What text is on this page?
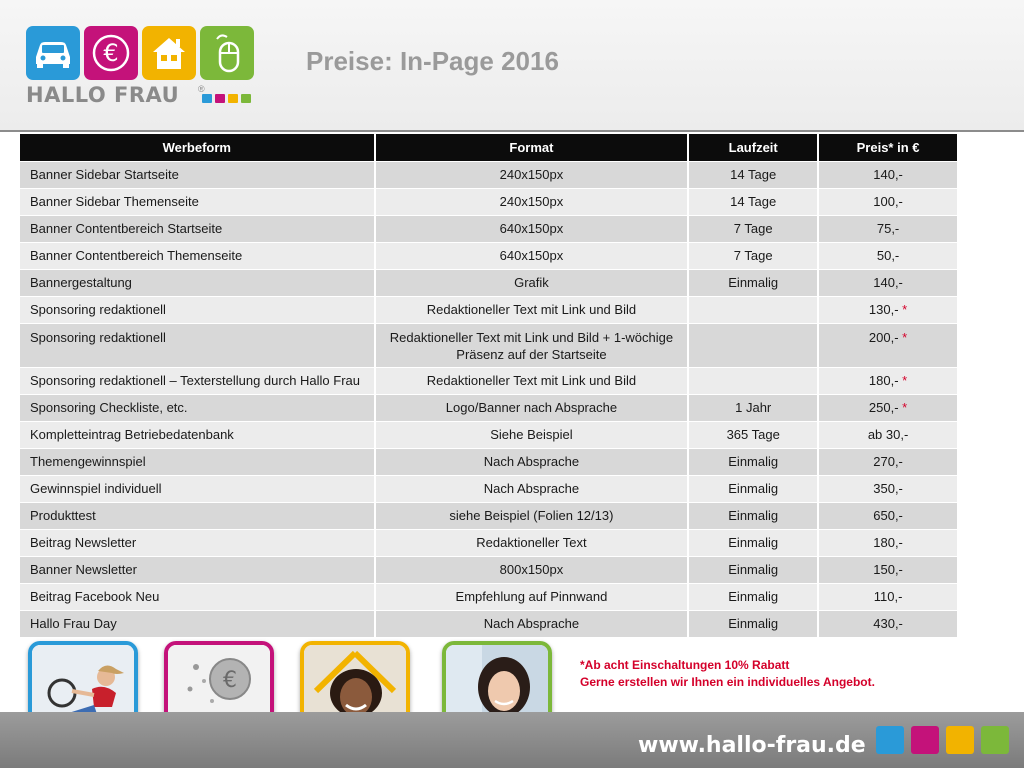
€
HALLO FRAU ®
Preise: In-Page 2016
Werbeform	Format	Laufzeit	Preis* in €
Banner Sidebar Startseite	240x150px	14 Tage	140,-
Banner Sidebar Themenseite	240x150px	14 Tage	100,-
Banner Contentbereich Startseite	640x150px	7 Tage	75,-
Banner Contentbereich Themenseite	640x150px	7 Tage	50,-
Bannergestaltung	Grafik	Einmalig	140,-
Sponsoring redaktionell	Redaktioneller Text mit Link und Bild		130,- *
Sponsoring redaktionell	Redaktioneller Text mit Link und Bild + 1-wöchige Präsenz auf der Startseite		200,- *
Sponsoring redaktionell – Texterstellung durch Hallo Frau	Redaktioneller Text mit Link und Bild		180,- *
Sponsoring Checkliste, etc.	Logo/Banner nach Absprache	1 Jahr	250,- *
Kompletteintrag Betriebedatenbank	Siehe Beispiel	365 Tage	ab 30,-
Themengewinnspiel	Nach Absprache	Einmalig	270,-
Gewinnspiel individuell	Nach Absprache	Einmalig	350,-
Produkttest	siehe Beispiel (Folien 12/13)	Einmalig	650,-
Beitrag Newsletter	Redaktioneller Text	Einmalig	180,-
Banner Newsletter	800x150px	Einmalig	150,-
Beitrag Facebook Neu	Empfehlung auf Pinnwand	Einmalig	110,-
Hallo Frau Day	Nach Absprache	Einmalig	430,-
€
*Ab acht Einschaltungen 10% Rabatt
Gerne erstellen wir Ihnen ein individuelles Angebot.
www.hallo-frau.de
